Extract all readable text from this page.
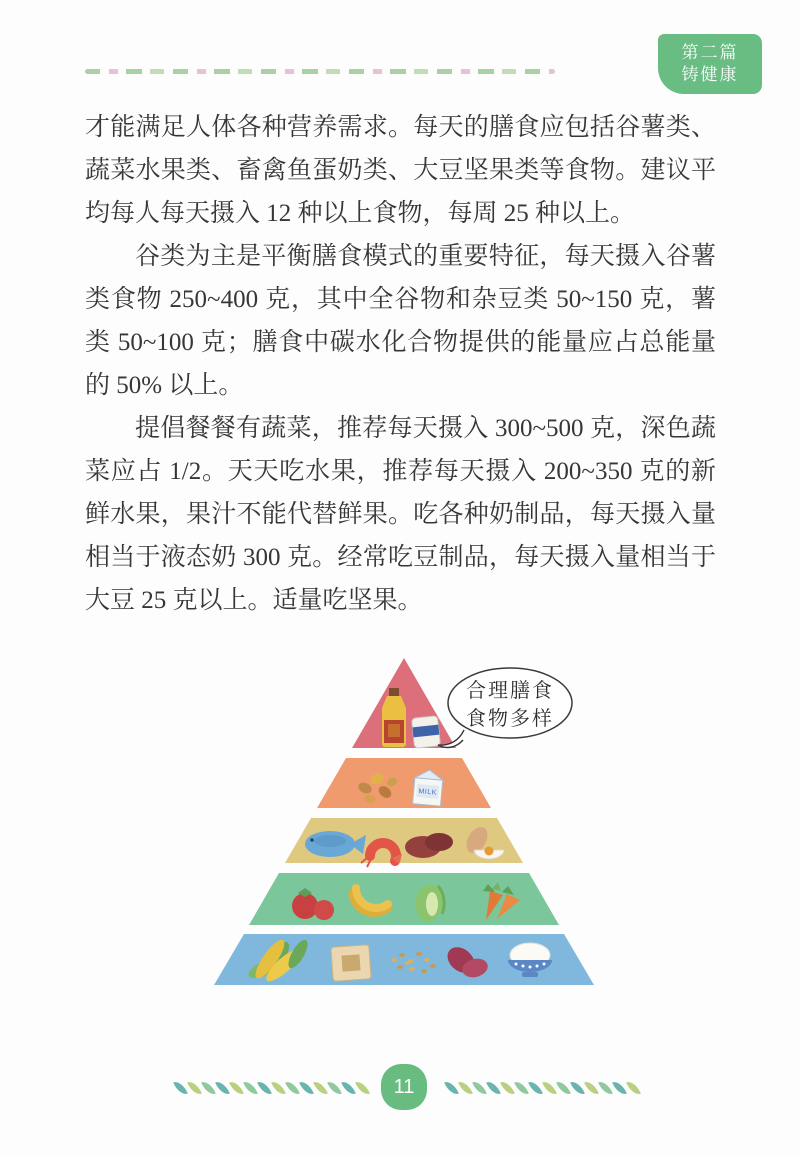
第二篇
铸健康

才能满足人体各种营养需求。每天的膳食应包括谷薯类、蔬菜水果类、畜禽鱼蛋奶类、大豆坚果类等食物。建议平均每人每天摄入 12 种以上食物，每周 25 种以上。

谷类为主是平衡膳食模式的重要特征，每天摄入谷薯类食物 250~400 克，其中全谷物和杂豆类 50~150 克，薯类 50~100 克；膳食中碳水化合物提供的能量应占总能量的 50% 以上。

提倡餐餐有蔬菜，推荐每天摄入 300~500 克，深色蔬菜应占 1/2。天天吃水果，推荐每天摄入 200~350 克的新鲜水果，果汁不能代替鲜果。吃各种奶制品，每天摄入量相当于液态奶 300 克。经常吃豆制品，每天摄入量相当于大豆 25 克以上。适量吃坚果。

MILK
合理膳食
食物多样
11
